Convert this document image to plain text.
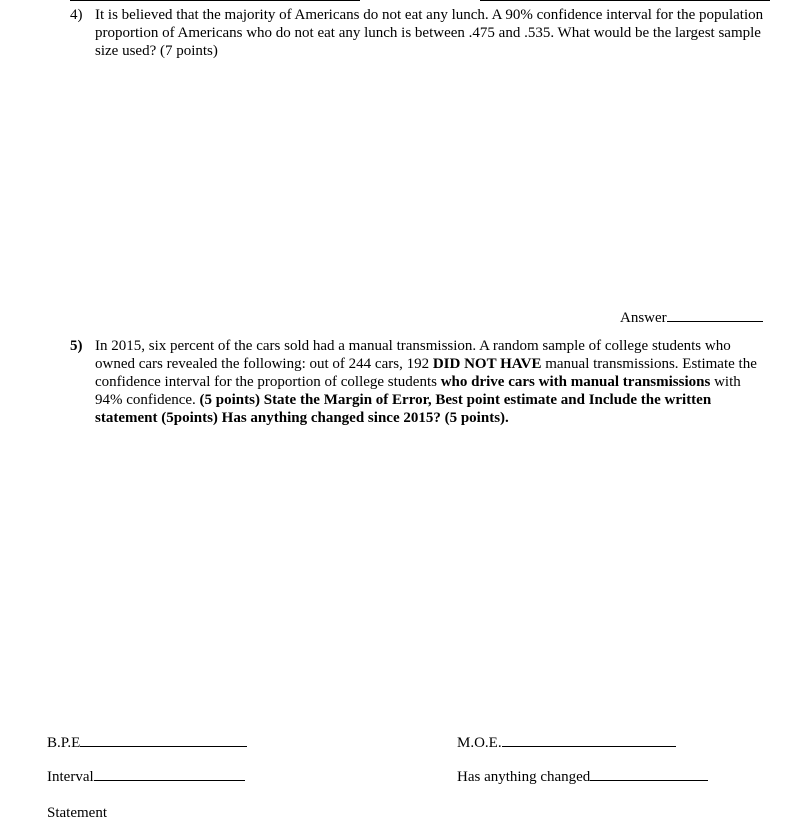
4) It is believed that the majority of Americans do not eat any lunch. A 90% confidence interval for the population proportion of Americans who do not eat any lunch is between .475 and .535. What would be the largest sample size used? (7 points)
Answer
5) In 2015, six percent of the cars sold had a manual transmission. A random sample of college students who owned cars revealed the following: out of 244 cars, 192 DID NOT HAVE manual transmissions. Estimate the confidence interval for the proportion of college students who drive cars with manual transmissions with 94% confidence. (5 points) State the Margin of Error, Best point estimate and Include the written statement (5points) Has anything changed since 2015? (5 points).
B.P.E	M.O.E.
Interval	Has anything changed
Statement
